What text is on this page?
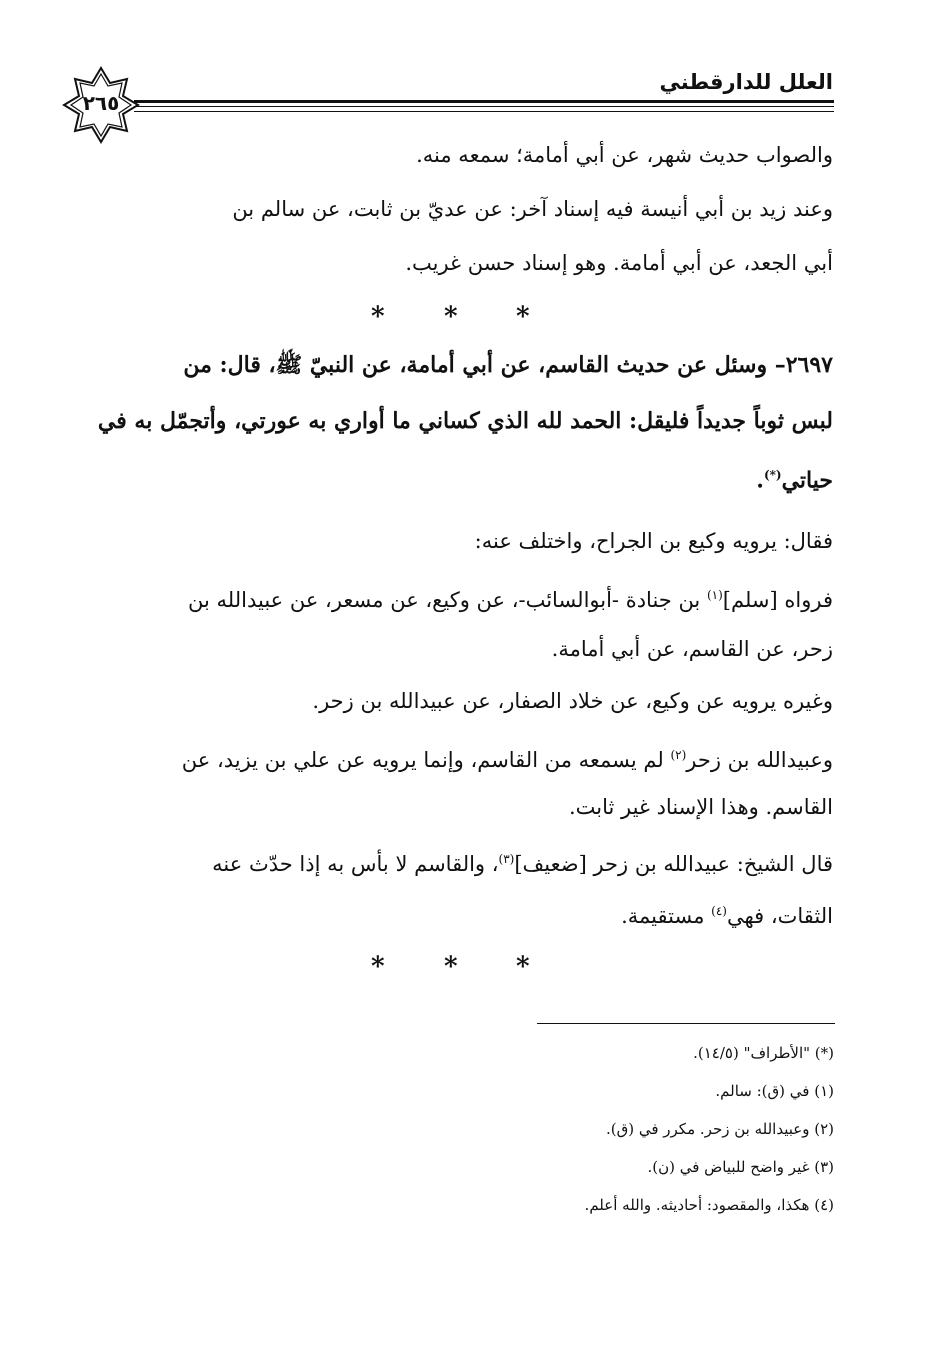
العلل للدارقطني
٢٦٥
والصواب حديث شهر، عن أبي أمامة؛ سمعه منه.
وعند زيد بن أبي أنيسة فيه إسناد آخر: عن عديّ بن ثابت، عن سالم بن
أبي الجعد، عن أبي أمامة. وهو إسناد حسن غريب.
* * *
٢٦٩٧– وسئل عن حديث القاسم، عن أبي أمامة، عن النبيّ ﷺ، قال: من
لبس ثوباً جديداً فليقل: الحمد لله الذي كساني ما أواري به عورتي، وأتجمّل به في
حياتي(*).
فقال: يرويه وكيع بن الجراح، واختلف عنه:
فرواه [سلم]$^{(١)}$ بن جنادة -أبوالسائب-، عن وكيع، عن مسعر، عن عبيدالله بن
زحر، عن القاسم، عن أبي أمامة.
وغيره يرويه عن وكيع، عن خلاد الصفار، عن عبيدالله بن زحر.
وعبيدالله بن زحر$^{(٢)}$ لم يسمعه من القاسم، وإنما يرويه عن علي بن يزيد، عن
القاسم. وهذا الإسناد غير ثابت.
قال الشيخ: عبيدالله بن زحر [ضعيف]$^{(٣)}$، والقاسم لا بأس به إذا حدّث عنه
الثقات، فهي$^{(٤)}$ مستقيمة.
* * *
(*) "الأطراف" (١٤/٥).
(١) في (ق): سالم.
(٢) وعبيدالله بن زحر. مكرر في (ق).
(٣) غير واضح للبياض في (ن).
(٤) هكذا، والمقصود: أحاديثه. والله أعلم.
